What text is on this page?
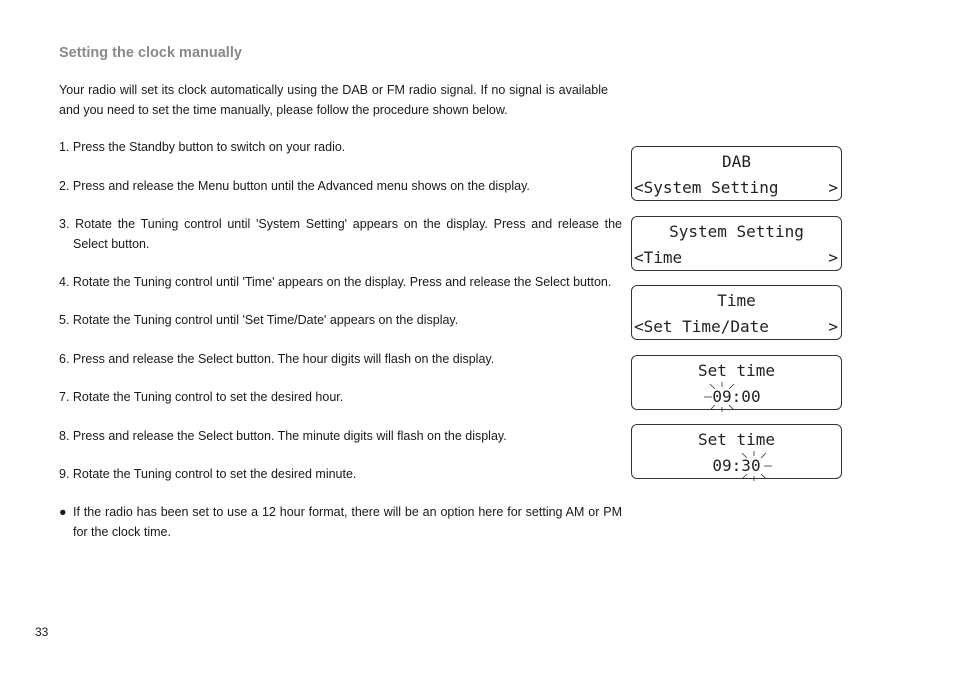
Setting the clock manually

Your radio will set its clock automatically using the DAB or FM radio signal. If no signal is available and you need to set the time manually, please follow the procedure shown below.

1. Press the Standby button to switch on your radio.

2. Press and release the Menu button until the Advanced menu shows on the display.

3. Rotate the Tuning control until 'System Setting' appears on the display. Press and release the Select button.

4. Rotate the Tuning control until 'Time' appears on the display. Press and release the Select button.

5. Rotate the Tuning control until 'Set Time/Date' appears on the display.

6. Press and release the Select button. The hour digits will flash on the display.

7. Rotate the Tuning control to set the desired hour.

8. Press and release the Select button. The minute digits will flash on the display.

9. Rotate the Tuning control to set the desired minute.

● If the radio has been set to use a 12 hour format, there will be an option here for setting AM or PM for the clock time.

33
DAB
<System Setting	>
System Setting
<Time	>
Time
<Set Time/Date	>
Set time
09:00
Set time
09:30
